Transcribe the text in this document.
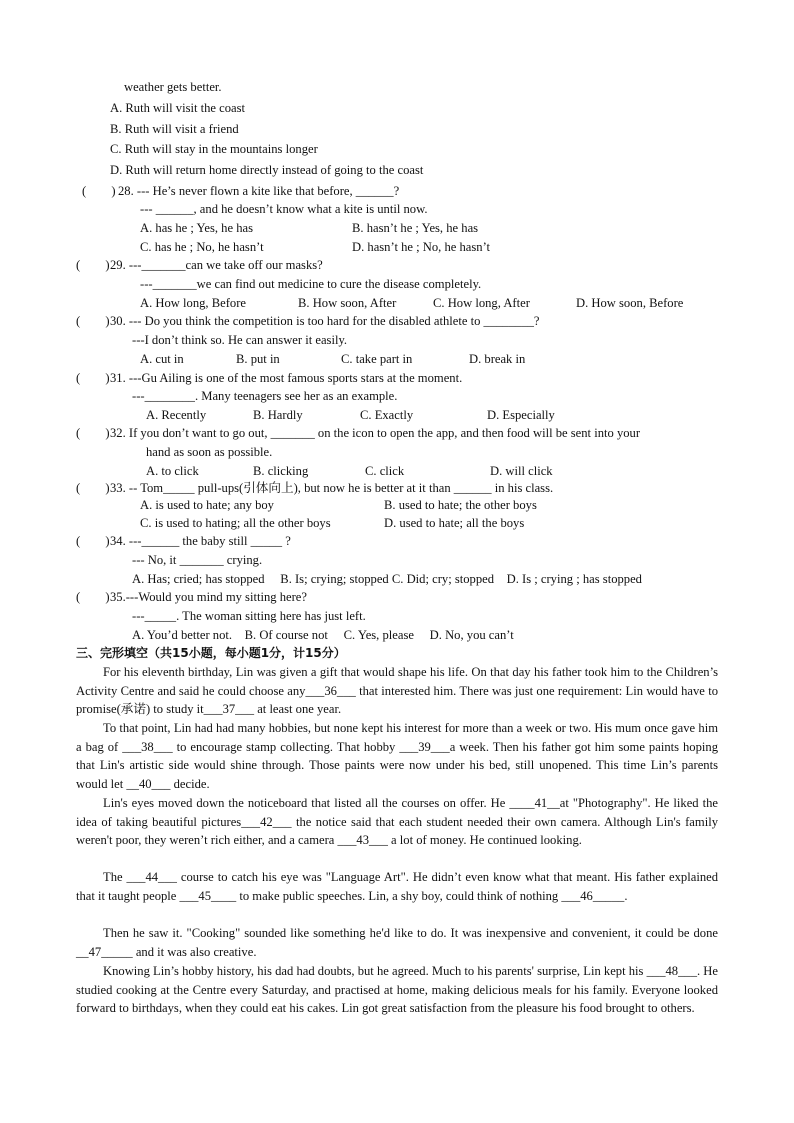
weather gets better.
A. Ruth will visit the coast
B. Ruth will visit a friend
C. Ruth will stay in the mountains longer
D. Ruth will return home directly instead of going to the coast
(　　) 28. --- He’s never flown a kite like that before, ______?
--- ______, and he doesn’t know what a kite is until now.
A. has he ; Yes, he has	B. hasn’t he ; Yes, he has
C. has he ; No, he hasn’t	D. hasn’t he ; No, he hasn’t
(　　) 29. ---_______can we take off our masks?
---_______we can find out medicine to cure the disease completely.
A. How long, Before	B. How soon, After	C. How long, After	D. How soon, Before
(　　) 30. --- Do you think the competition is too hard for the disabled athlete to ________?
---I don’t think so. He can answer it easily.
A. cut in	B. put in	C. take part in	D. break in
(　　) 31. ---Gu Ailing is one of the most famous sports stars at the moment.
---________. Many teenagers see her as an example.
A. Recently	B. Hardly	C. Exactly	D. Especially
(　　) 32. If you don’t want to go out, _______ on the icon to open the app, and then food will be sent into your
hand as soon as possible.
A. to click	B. clicking	C. click	D. will click
(　　) 33. -- Tom_____ pull-ups(引体向上), but now he is better at it than ______ in his class.
A. is used to hate; any boy	B. used to hate; the other boys
C. is used to hating; all the other boys	D. used to hate; all the boys
(　　) 34. ---______ the baby still _____ ?
--- No, it _______ crying.
A. Has; cried; has stopped     B. Is; crying; stopped C. Did; cry; stopped    D. Is ; crying ; has stopped
(　　) 35.---Would you mind my sitting here?
---_____. The woman sitting here has just left.
A. You’d better not.    B. Of course not     C. Yes, please     D. No, you can’t
三、完形填空（共15小题，每小题1分，计15分）
For his eleventh birthday, Lin was given a gift that would shape his life. On that day his father took him to the Children’s Activity Centre and said he could choose any___36___ that interested him. There was just one requirement: Lin would have to promise(承诺) to study it___37___ at least one year.
To that point, Lin had had many hobbies, but none kept his interest for more than a week or two. His mum once gave him a bag of ___38___ to encourage stamp collecting. That hobby ___39___a week. Then his father got him some paints hoping that Lin's artistic side would shine through. Those paints were now under his bed, still unopened. This time Lin’s parents would let __40___ decide.
Lin's eyes moved down the noticeboard that listed all the courses on offer. He ____41__at "Photography". He liked the idea of taking beautiful pictures___42___ the notice said that each student needed their own camera. Although Lin's family weren't poor, they weren’t rich either, and a camera ___43___ a lot of money. He continued looking.
The ___44___ course to catch his eye was "Language Art". He didn’t even know what that meant. His father explained that it taught people ___45____ to make public speeches. Lin, a shy boy, could think of nothing ___46_____.
Then he saw it. "Cooking" sounded like something he'd like to do. It was inexpensive and convenient, it could be done __47_____ and it was also creative.
Knowing Lin’s hobby history, his dad had doubts, but he agreed. Much to his parents' surprise, Lin kept his ___48___. He studied cooking at the Centre every Saturday, and practised at home, making delicious meals for his family. Everyone looked forward to birthdays, when they could eat his cakes. Lin got great satisfaction from the pleasure his food brought to others.
